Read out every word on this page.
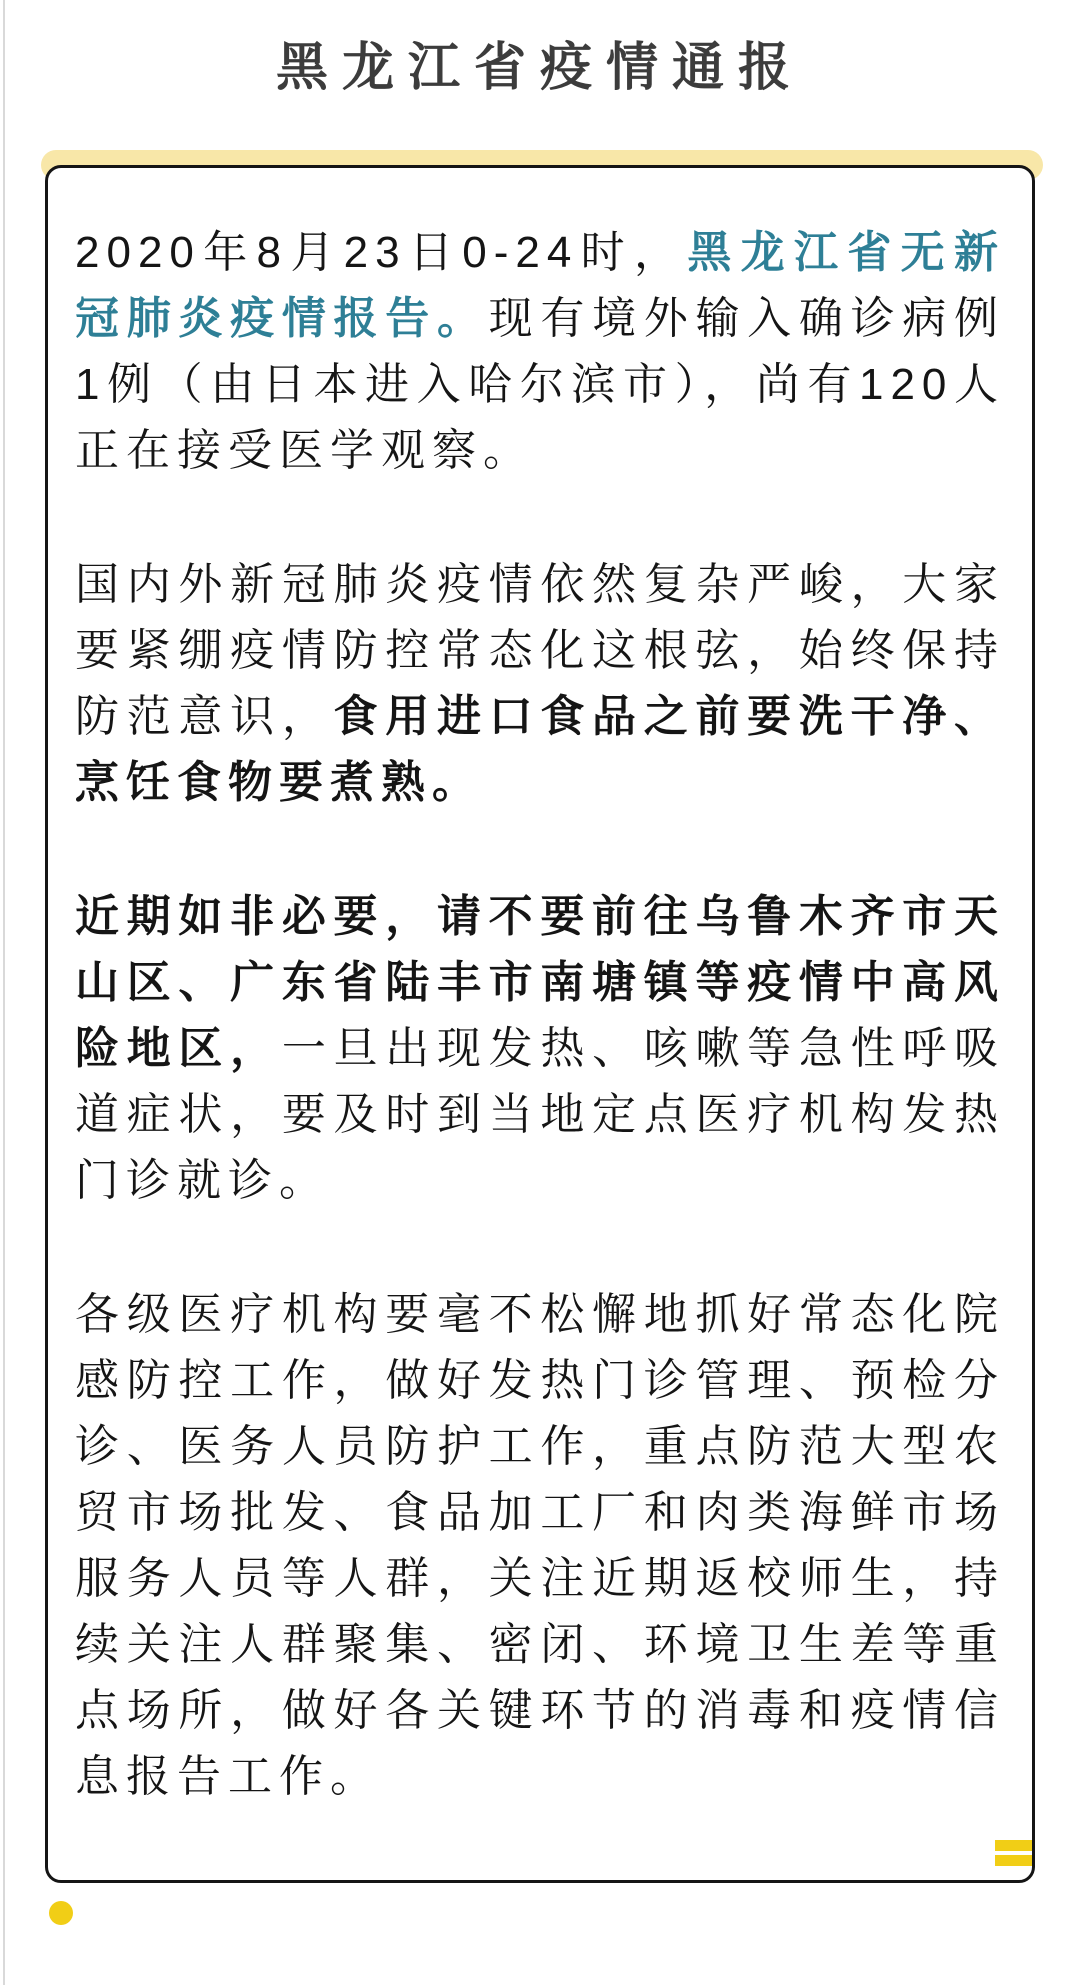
黑龙江省疫情通报

2020年8月23日0-24时，黑龙江省无新冠肺炎疫情报告。现有境外输入确诊病例1例（由日本进入哈尔滨市），尚有120人正在接受医学观察。

国内外新冠肺炎疫情依然复杂严峻，大家要紧绷疫情防控常态化这根弦，始终保持防范意识，食用进口食品之前要洗干净、烹饪食物要煮熟。

近期如非必要，请不要前往乌鲁木齐市天山区、广东省陆丰市南塘镇等疫情中高风险地区，一旦出现发热、咳嗽等急性呼吸道症状，要及时到当地定点医疗机构发热门诊就诊。

各级医疗机构要毫不松懈地抓好常态化院感防控工作，做好发热门诊管理、预检分诊、医务人员防护工作，重点防范大型农贸市场批发、食品加工厂和肉类海鲜市场服务人员等人群，关注近期返校师生，持续关注人群聚集、密闭、环境卫生差等重点场所，做好各关键环节的消毒和疫情信息报告工作。
